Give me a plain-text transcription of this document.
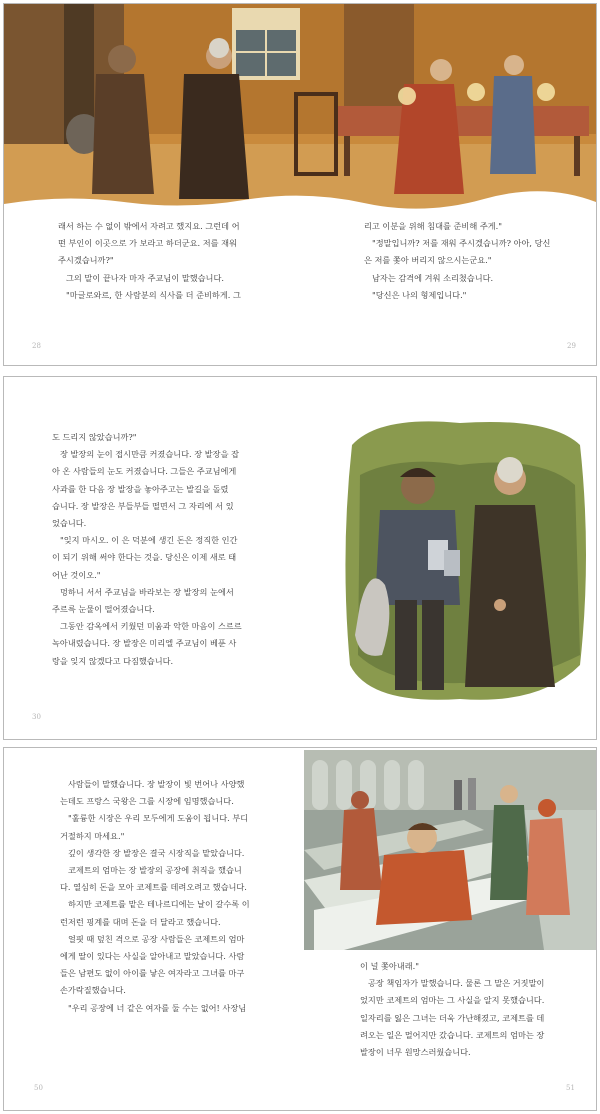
래서 하는 수 없이 밖에서 자려고 했지요. 그런데 어

떤 부인이 이곳으로 가 보라고 하더군요. 저를 재워

주시겠습니까?"

그의 말이 끝나자 마자 주교님이 말했습니다.

"마글로와르, 한 사람분의 식사를 더 준비하게. 그

리고 이분을 위해 침대를 준비해 주게."

"정말입니까? 저를 재워 주시겠습니까? 아아, 당신

은 저를 쫓아 버리지 않으시는군요."

남자는 감격에 겨워 소리쳤습니다.

"당신은 나의 형제입니다."

28	29

도 드리지 않았습니까?"

장 발장의 눈이 접시만큼 커졌습니다. 장 발장을 잡

아 온 사람들의 눈도 커졌습니다. 그들은 주교님에게

사과를 한 다음 장 발장을 놓아주고는 발길을 돌렸

습니다. 장 발장은 부들부들 떨면서 그 자리에 서 있

었습니다.

"잊지 마시오. 이 은 덕분에 생긴 돈은 정직한 인간

이 되기 위해 써야 한다는 것을. 당신은 이제 새로 태

어난 것이오."

멍하니 서서 주교님을 바라보는 장 발장의 눈에서

주르륵 눈물이 떨어졌습니다.

그동안 감옥에서 키웠던 미움과 악한 마음이 스르르

녹아내렸습니다. 장 발장은 미리엘 주교님이 베푼 사

랑을 잊지 않겠다고 다짐했습니다.

30

사람들이 말했습니다. 장 발장이 빛 번어나 사양했

는데도 프랑스 국왕은 그를 시장에 임명했습니다.

"훌륭한 시장은 우리 모두에게 도움이 됩니다. 부디

거절하지 마세요."

깊이 생각한 장 발장은 결국 시장직을 맡았습니다.

코제트의 엄마는 장 발장의 공장에 취직을 했습니

다. 열심히 돈을 모아 코제트를 데려오려고 했습니다.

하지만 코제트를 맡은 테나르디에는 날이 갈수록 이

런저런 핑계를 대며 돈을 더 달라고 했습니다.

얼핏 때 덮친 격으로 공장 사람들은 코제트의 엄마

에게 딸이 있다는 사실을 알아내고 말았습니다. 사람

들은 남편도 없이 아이를 낳은 여자라고 그녀를 마구

손가락질했습니다.

"우리 공장에 너 같은 여자를 둘 수는 없어! 사장님

50

이 널 쫓아내래."

공장 책임자가 말했습니다. 물론 그 말은 거짓말이

었지만 코제트의 엄마는 그 사실을 알지 못했습니다.

일자리를 잃은 그녀는 더욱 가난해졌고, 코제트를 데

려오는 일은 멀어지만 갔습니다. 코제트의 엄마는 장

발장이 너무 원망스러웠습니다.

51
